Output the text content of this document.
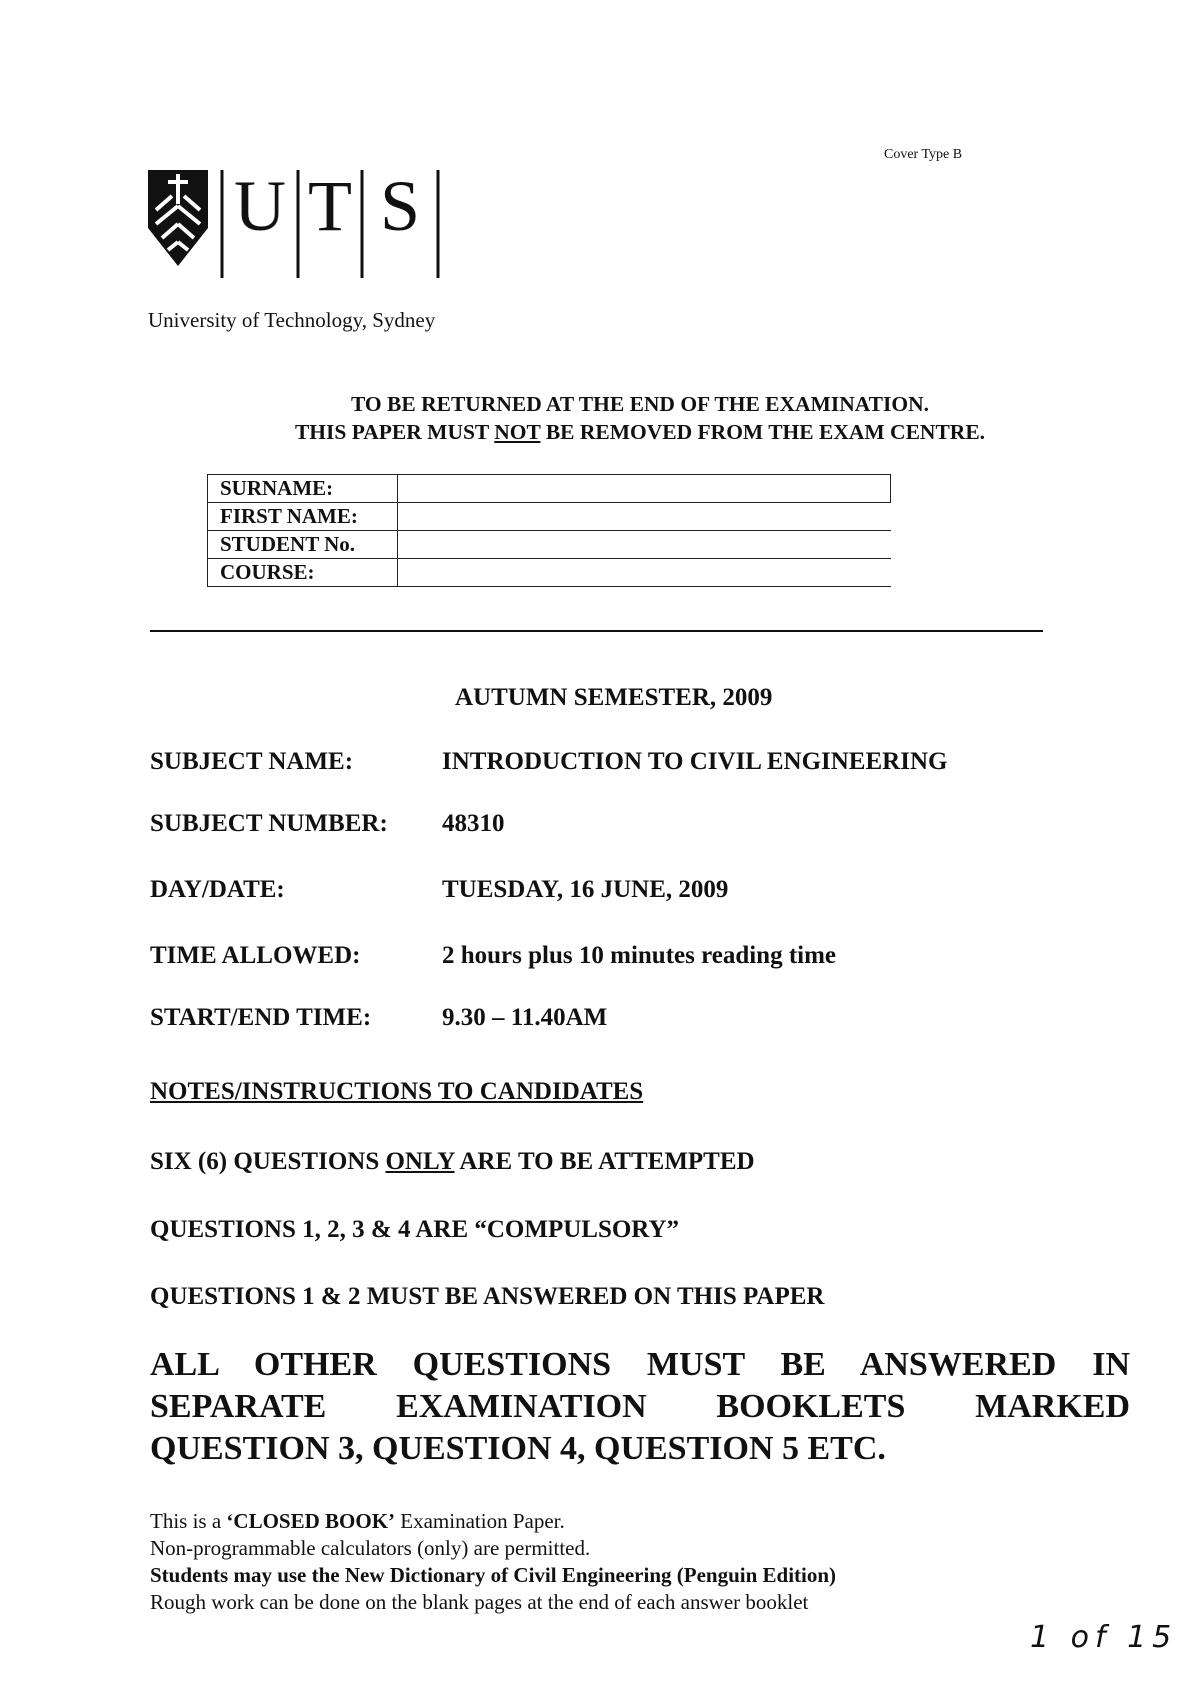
Cover Type B
U T S
University of Technology, Sydney
TO BE RETURNED AT THE END OF THE EXAMINATION.
THIS PAPER MUST NOT BE REMOVED FROM THE EXAM CENTRE.
SURNAME:	
FIRST NAME:	
STUDENT No.	
COURSE:	
AUTUMN SEMESTER, 2009
SUBJECT NAME:	INTRODUCTION TO CIVIL ENGINEERING
SUBJECT NUMBER: 48310
DAY/DATE:	TUESDAY, 16 JUNE, 2009
TIME ALLOWED:	2 hours plus 10 minutes reading time
START/END TIME:	9.30 – 11.40AM
NOTES/INSTRUCTIONS TO CANDIDATES
SIX (6) QUESTIONS ONLY ARE TO BE ATTEMPTED
QUESTIONS 1, 2, 3 & 4 ARE “COMPULSORY”
QUESTIONS 1 & 2 MUST BE ANSWERED ON THIS PAPER
ALL OTHER QUESTIONS MUST BE ANSWERED IN
SEPARATE EXAMINATION BOOKLETS MARKED
QUESTION 3, QUESTION 4, QUESTION 5 ETC.
This is a ‘CLOSED BOOK’ Examination Paper.
Non-programmable calculators (only) are permitted.
Students may use the New Dictionary of Civil Engineering (Penguin Edition)
Rough work can be done on the blank pages at the end of each answer booklet
1 of 15
